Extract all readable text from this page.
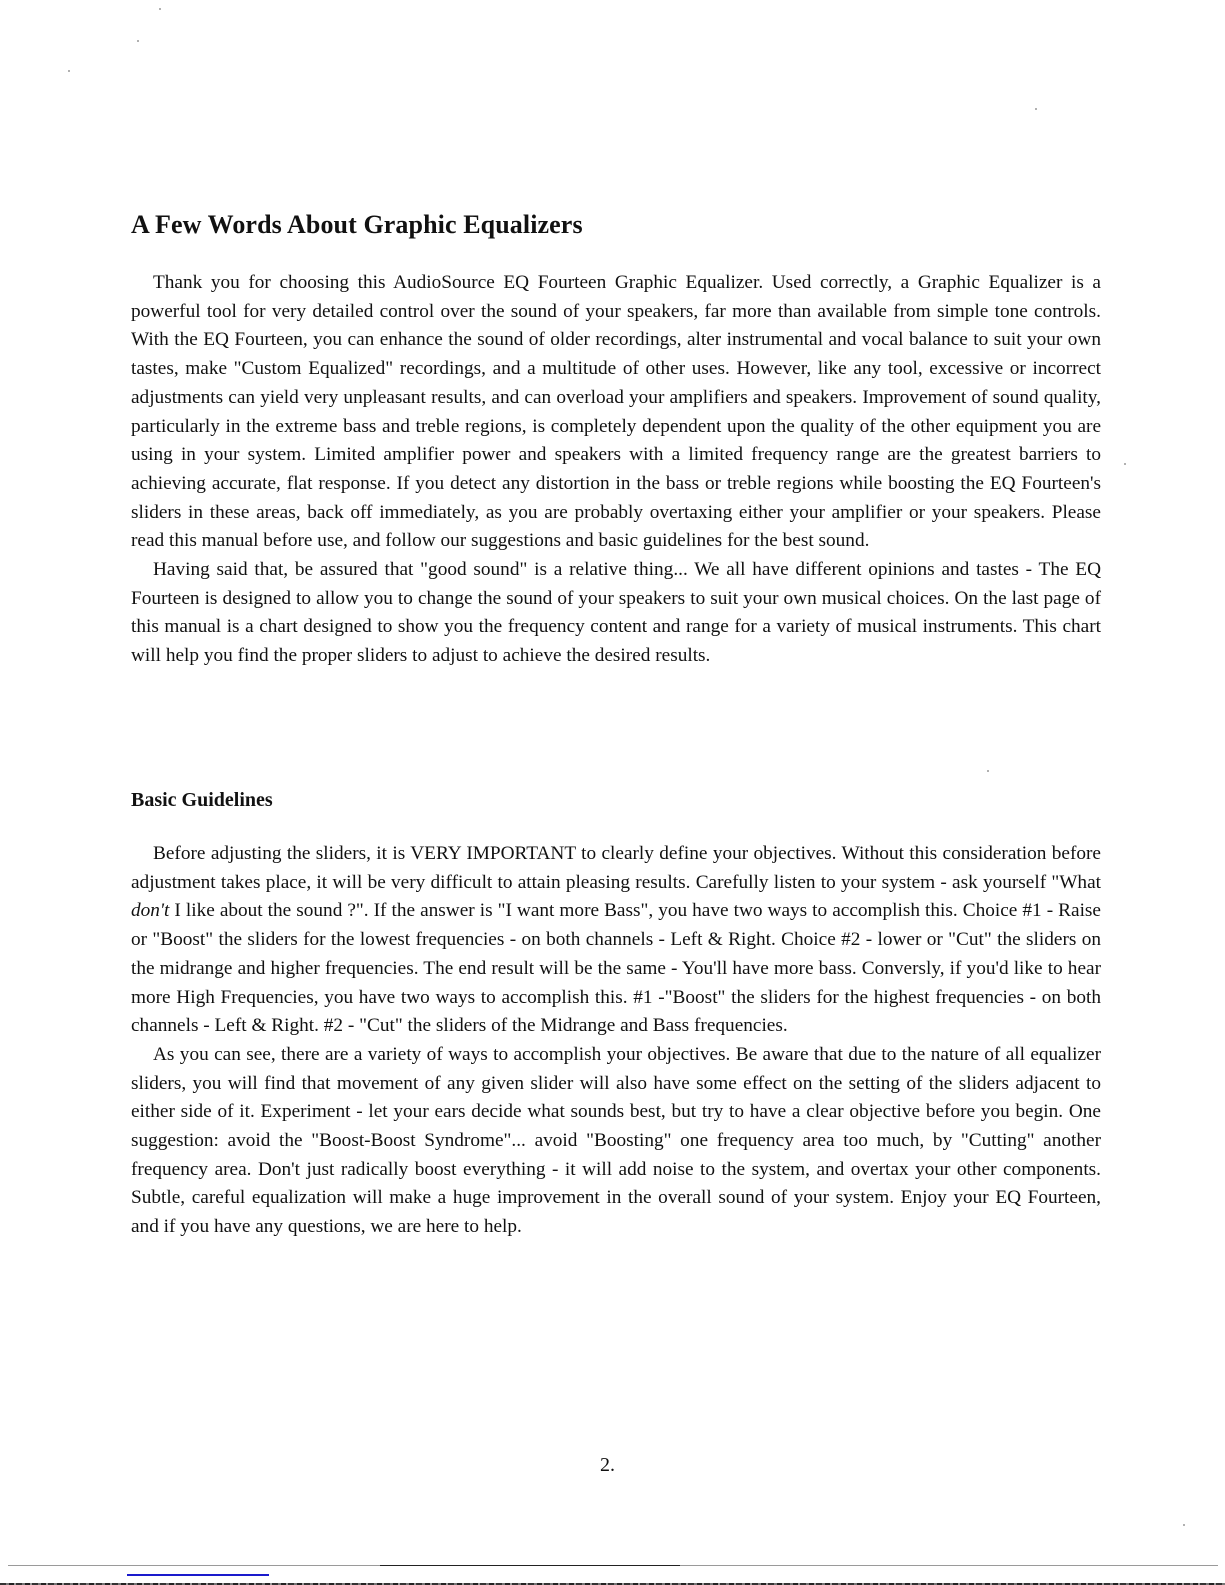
A Few Words About Graphic Equalizers

Thank you for choosing this AudioSource EQ Fourteen Graphic Equalizer. Used correctly, a Graphic Equalizer is a powerful tool for very detailed control over the sound of your speakers, far more than available from simple tone controls. With the EQ Fourteen, you can enhance the sound of older recordings, alter instrumental and vocal balance to suit your own tastes, make "Custom Equalized" recordings, and a multitude of other uses. However, like any tool, excessive or incorrect adjustments can yield very unpleasant results, and can overload your amplifiers and speakers. Improvement of sound quality, particularly in the extreme bass and treble regions, is completely dependent upon the quality of the other equipment you are using in your system. Limited amplifier power and speakers with a limited frequency range are the greatest barriers to achieving accurate, flat response. If you detect any distortion in the bass or treble regions while boosting the EQ Fourteen's sliders in these areas, back off immediately, as you are probably overtaxing either your amplifier or your speakers. Please read this manual before use, and follow our suggestions and basic guidelines for the best sound.

Having said that, be assured that "good sound" is a relative thing... We all have different opinions and tastes - The EQ Fourteen is designed to allow you to change the sound of your speakers to suit your own musical choices. On the last page of this manual is a chart designed to show you the frequency content and range for a variety of musical instruments. This chart will help you find the proper sliders to adjust to achieve the desired results.

Basic Guidelines

Before adjusting the sliders, it is VERY IMPORTANT to clearly define your objectives. Without this consideration before adjustment takes place, it will be very difficult to attain pleasing results. Carefully listen to your system - ask yourself "What don't I like about the sound ?". If the answer is "I want more Bass", you have two ways to accomplish this. Choice #1 - Raise or "Boost" the sliders for the lowest frequencies - on both channels - Left & Right. Choice #2 - lower or "Cut" the sliders on the midrange and higher frequencies. The end result will be the same - You'll have more bass. Conversly, if you'd like to hear more High Frequencies, you have two ways to accomplish this. #1 -"Boost" the sliders for the highest frequencies - on both channels - Left & Right. #2 - "Cut" the sliders of the Midrange and Bass frequencies.

As you can see, there are a variety of ways to accomplish your objectives. Be aware that due to the nature of all equalizer sliders, you will find that movement of any given slider will also have some effect on the setting of the sliders adjacent to either side of it. Experiment - let your ears decide what sounds best, but try to have a clear objective before you begin. One suggestion: avoid the "Boost-Boost Syndrome"... avoid "Boosting" one frequency area too much, by "Cutting" another frequency area. Don't just radically boost everything - it will add noise to the system, and overtax your other components. Subtle, careful equalization will make a huge improvement in the overall sound of your system. Enjoy your EQ Fourteen, and if you have any questions, we are here to help.

2.
